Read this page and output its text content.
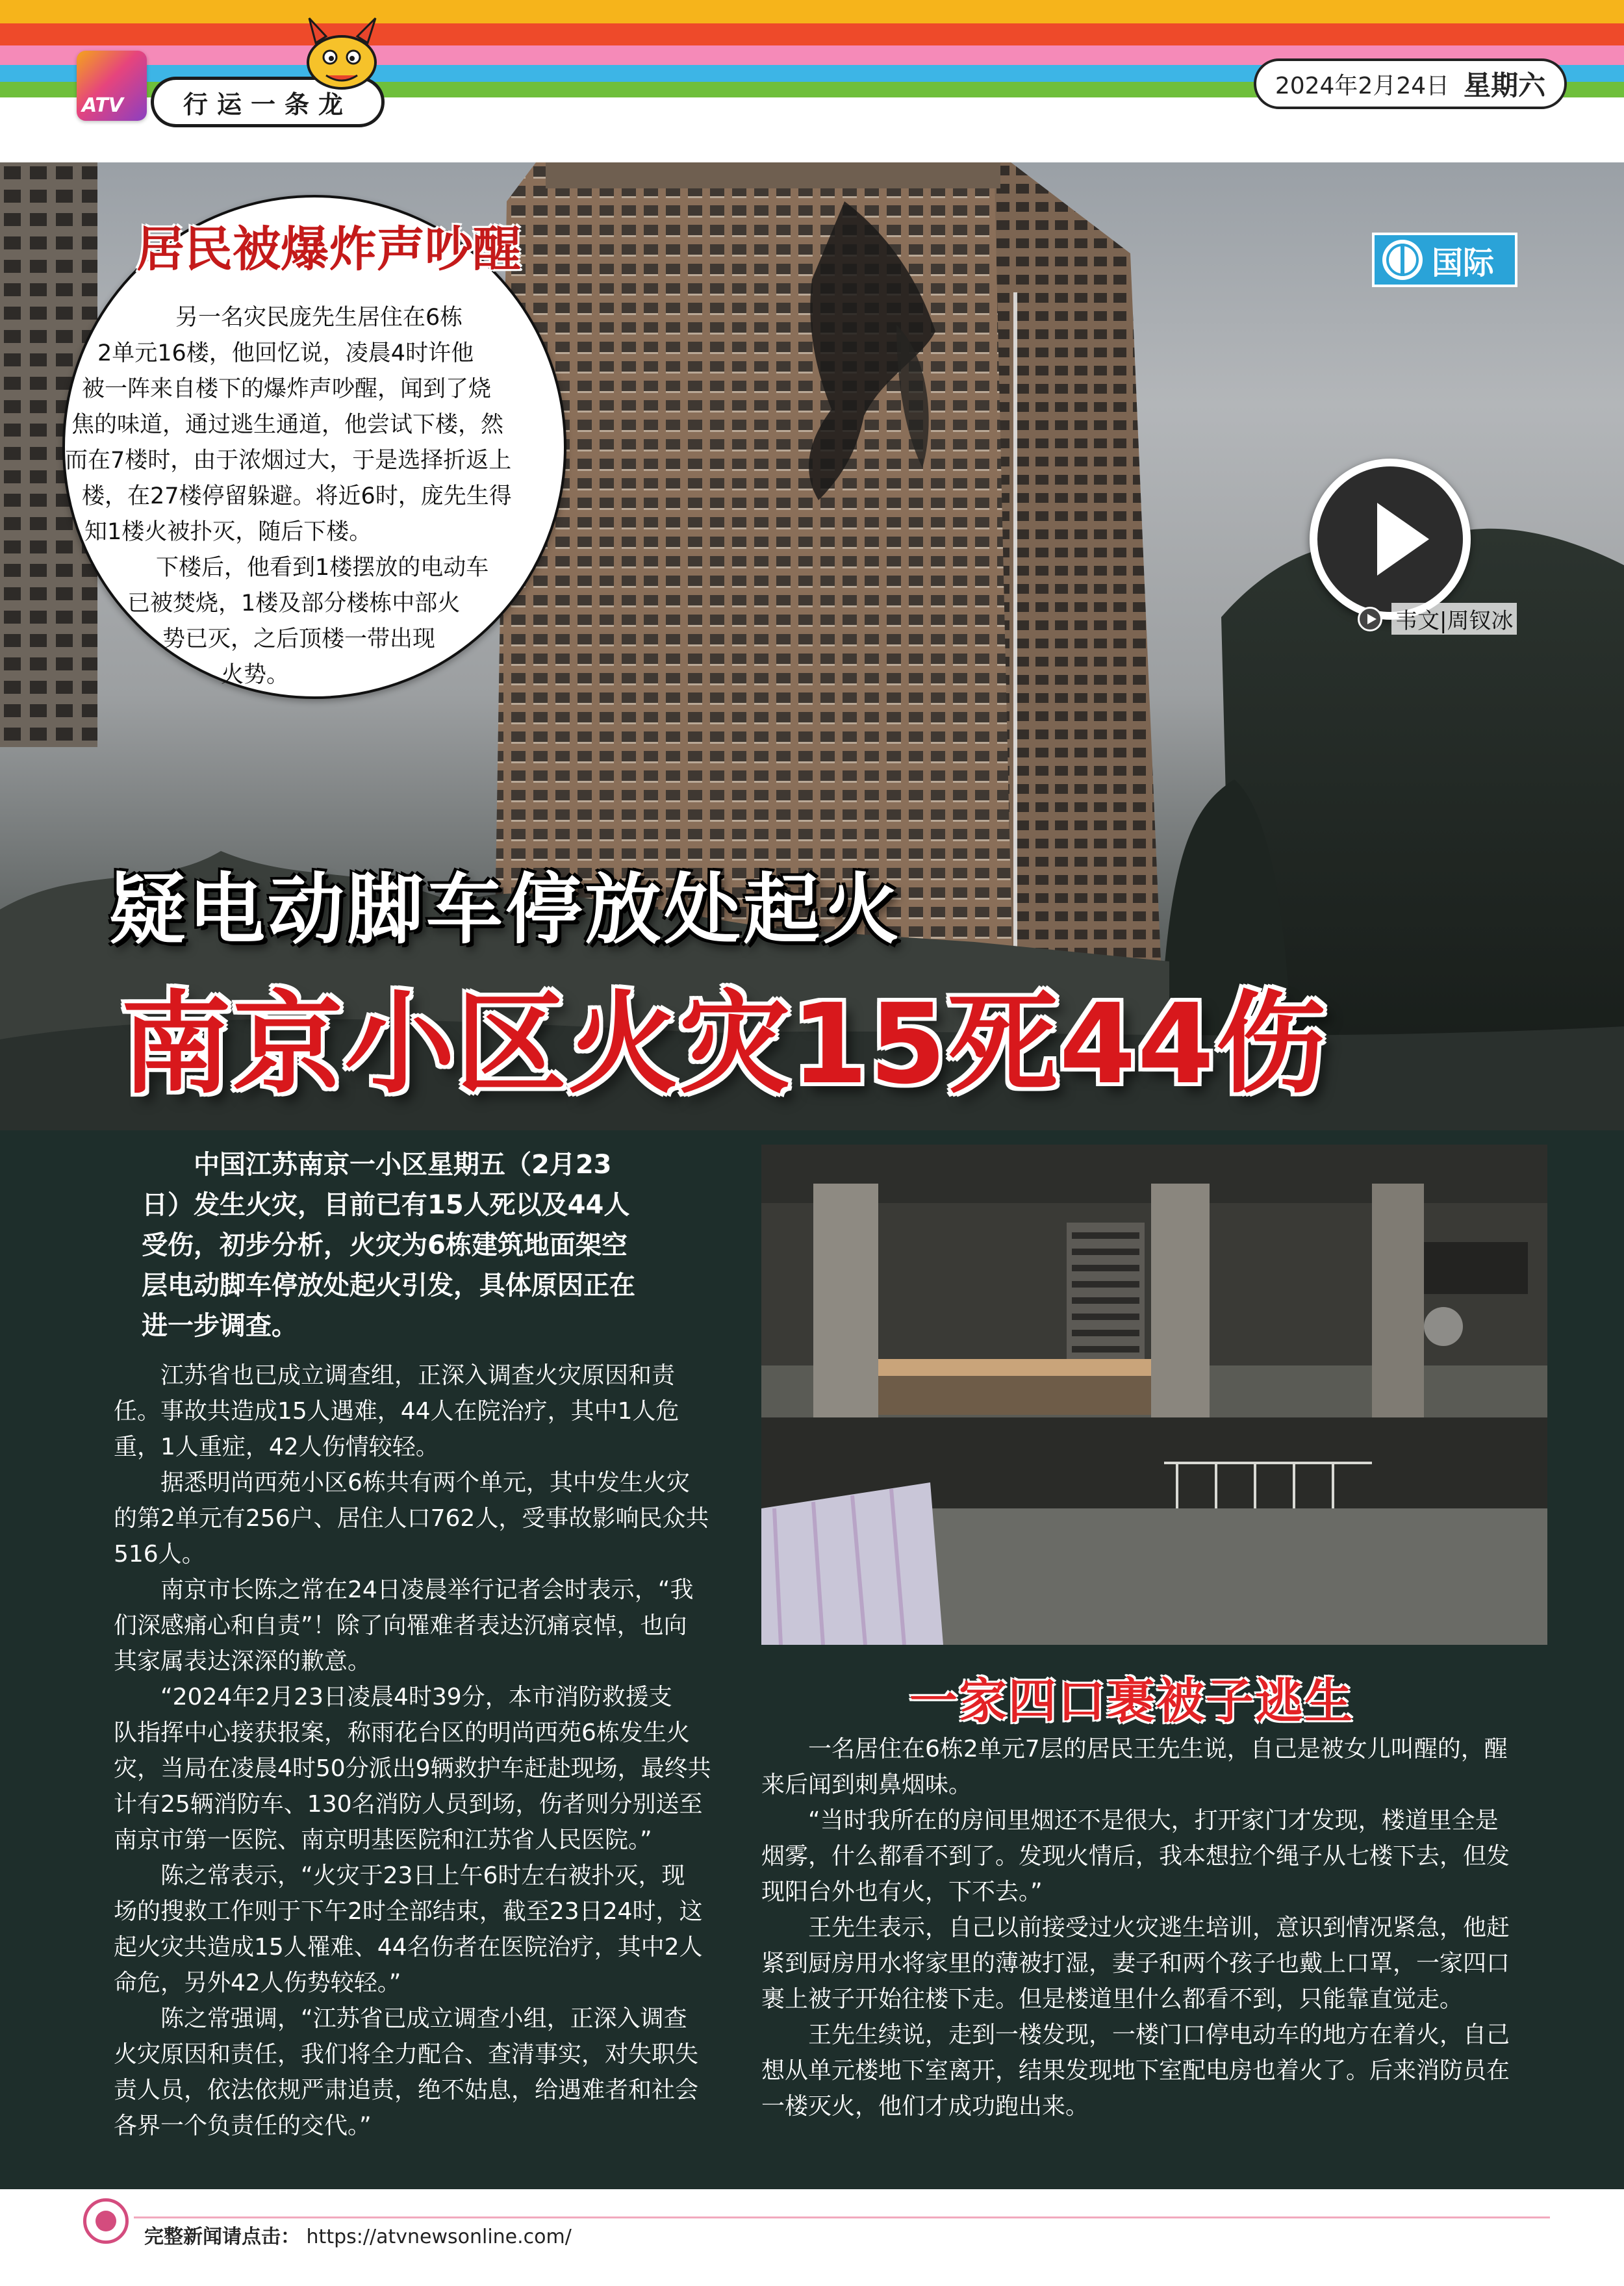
ATV	行运一条龙
2024年2月24日 星期六
居民被爆炸声吵醒
另一名灾民庞先生居住在6栋
2单元16楼，他回忆说，凌晨4时许他
被一阵来自楼下的爆炸声吵醒，闻到了烧
焦的味道，通过逃生通道，他尝试下楼，然
而在7楼时，由于浓烟过大，于是选择折返上
楼，在27楼停留躲避。将近6时，庞先生得
知1楼火被扑灭，随后下楼。
下楼后，他看到1楼摆放的电动车
已被焚烧，1楼及部分楼栋中部火
势已灭，之后顶楼一带出现
火势。
国际
韦文|周钗冰
疑电动脚车停放处起火
南京小区火灾15死44伤
中国江苏南京一小区星期五（2月23
日）发生火灾，目前已有15人死以及44人
受伤，初步分析，火灾为6栋建筑地面架空
层电动脚车停放处起火引发，具体原因正在
进一步调查。
江苏省也已成立调查组，正深入调查火灾原因和责
任。事故共造成15人遇难，44人在院治疗，其中1人危
重，1人重症，42人伤情较轻。
据悉明尚西苑小区6栋共有两个单元，其中发生火灾
的第2单元有256户、居住人口762人，受事故影响民众共
516人。
南京市长陈之常在24日凌晨举行记者会时表示，“我
们深感痛心和自责”！除了向罹难者表达沉痛哀悼，也向
其家属表达深深的歉意。
“2024年2月23日凌晨4时39分，本市消防救援支
队指挥中心接获报案，称雨花台区的明尚西苑6栋发生火
灾，当局在凌晨4时50分派出9辆救护车赶赴现场，最终共
计有25辆消防车、130名消防人员到场，伤者则分别送至
南京市第一医院、南京明基医院和江苏省人民医院。”
陈之常表示，“火灾于23日上午6时左右被扑灭，现
场的搜救工作则于下午2时全部结束，截至23日24时，这
起火灾共造成15人罹难、44名伤者在医院治疗，其中2人
命危，另外42人伤势较轻。”
陈之常强调，“江苏省已成立调查小组，正深入调查
火灾原因和责任，我们将全力配合、查清事实，对失职失
责人员，依法依规严肃追责，绝不姑息，给遇难者和社会
各界一个负责任的交代。”
一家四口裹被子逃生
一名居住在6栋2单元7层的居民王先生说，自己是被女儿叫醒的，醒
来后闻到刺鼻烟味。
“当时我所在的房间里烟还不是很大，打开家门才发现，楼道里全是
烟雾，什么都看不到了。发现火情后，我本想拉个绳子从七楼下去，但发
现阳台外也有火，下不去。”
王先生表示，自己以前接受过火灾逃生培训，意识到情况紧急，他赶
紧到厨房用水将家里的薄被打湿，妻子和两个孩子也戴上口罩，一家四口
裹上被子开始往楼下走。但是楼道里什么都看不到，只能靠直觉走。
王先生续说，走到一楼发现，一楼门口停电动车的地方在着火，自己
想从单元楼地下室离开，结果发现地下室配电房也着火了。后来消防员在
一楼灭火，他们才成功跑出来。
完整新闻请点击： https://atvnewsonline.com/
